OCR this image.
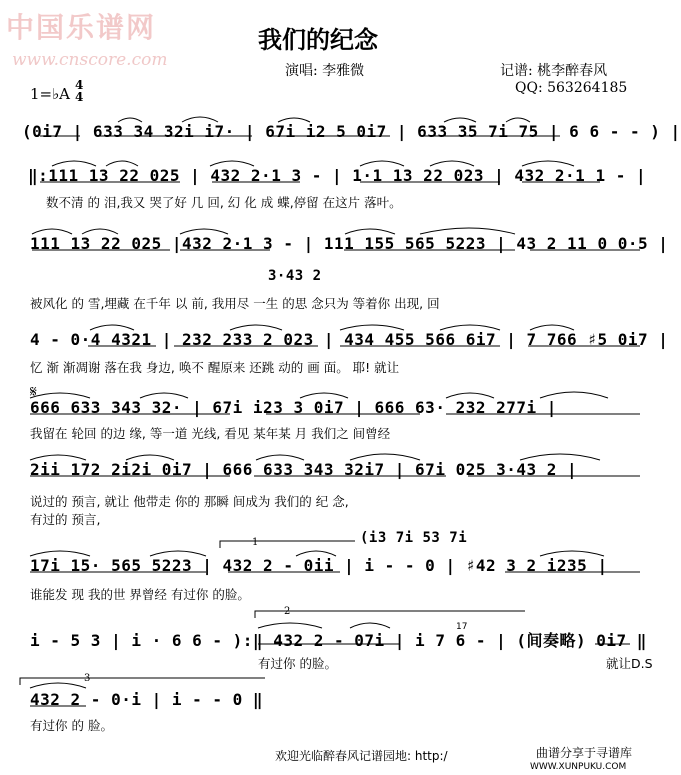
中国乐谱网
www.cnscore.com
我们的纪念
演唱: 李雅微	记谱: 桃李醉春风
QQ: 563264185
1=♭A 4
4
1
2
3
𝄋
17
(0i7 | 633 34 32i i7· | 67i i2 5 0i7 | 633 35 7i 75 | 6 6 - - ) |
‖:111 13 22 025 | 432 2·1 3 - | 1·1 13 22 023 | 432 2·1 1 - |
数不清 的 泪,我又 哭了好 几 回, 幻 化 成 蝶,停留 在这片 落叶。
111 13 22 025 |432 2·1 3 - | 111 155 565 5223 | 43 2 11 0 0·5 |
3·43 2
被风化 的 雪,埋藏 在千年 以 前, 我用尽 一生 的思 念只为 等着你 出现, 回
4 - 0·4 4321 | 232 233 2 023 | 434 455 566 6i7 | 7 766 ♯5 0i7 |
忆 渐 渐凋谢 落在我 身边, 唤不 醒原来 还跳 动的 画 面。 耶! 就让
666 633 343 32· | 67i i23 3 0i7 | 666 63· 232 277i |
我留在 轮回 的边 缘, 等一道 光线, 看见 某年某 月 我们之 间曾经
2ii 172 2i2i 0i7 | 666 633 343 32i7 | 67i 025 3·43 2 |
说过的 预言, 就让 他带走 你的 那瞬 间成为 我们的 纪 念,
有过的 预言,
(i3 7i 53 7i
17i 15· 565 5223 | 432 2 - 0ii | i - - 0 | ♯42 3 2 i235 |
谁能发 现 我的世 界曾经 有过你 的脸。
i - 5 3 | i · 6 6 - ):‖ 432 2 - 07i | i 7 6 - | (间奏略) 0i7 ‖
有过你 的脸。	就让D.S
432 2 - 0·i | i - - 0 ‖
有过你 的 脸。
欢迎光临醉春风记谱园地: http:/	曲谱分享于寻谱库
WWW.XUNPUKU.COM
